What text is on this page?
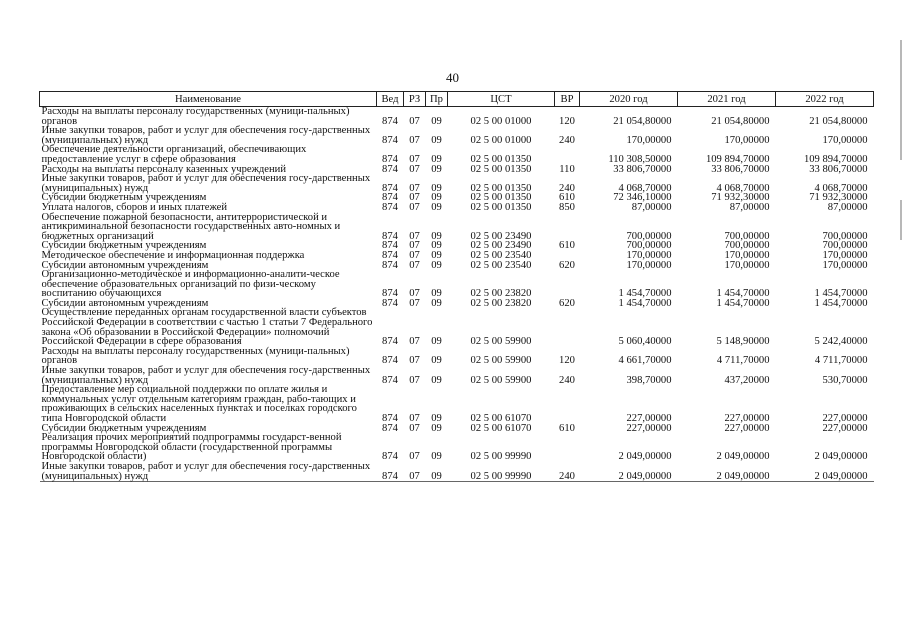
40
Наименование	Вед	РЗ	Пр	ЦСТ	ВР	2020 год	2021 год	2022 год
Расходы на выплаты персоналу государственных (муници-пальных) органов	874	07	09	02 5 00 01000	120	21 054,80000	21 054,80000	21 054,80000
Иные закупки товаров, работ и услуг для обеспечения госу-дарственных (муниципальных) нужд	874	07	09	02 5 00 01000	240	170,00000	170,00000	170,00000
Обеспечение деятельности организаций, обеспечивающих предоставление услуг в сфере образования	874	07	09	02 5 00 01350		110 308,50000	109 894,70000	109 894,70000
Расходы на выплаты персоналу казенных учреждений	874	07	09	02 5 00 01350	110	33 806,70000	33 806,70000	33 806,70000
Иные закупки товаров, работ и услуг для обеспечения госу-дарственных (муниципальных) нужд	874	07	09	02 5 00 01350	240	4 068,70000	4 068,70000	4 068,70000
Субсидии бюджетным учреждениям	874	07	09	02 5 00 01350	610	72 346,10000	71 932,30000	71 932,30000
Уплата налогов, сборов и иных платежей	874	07	09	02 5 00 01350	850	87,00000	87,00000	87,00000
Обеспечение пожарной безопасности, антитеррористической и антикриминальной безопасности государственных авто-номных и бюджетных организаций	874	07	09	02 5 00 23490		700,00000	700,00000	700,00000
Субсидии бюджетным учреждениям	874	07	09	02 5 00 23490	610	700,00000	700,00000	700,00000
Методическое обеспечение и информационная поддержка	874	07	09	02 5 00 23540		170,00000	170,00000	170,00000
Субсидии автономным учреждениям	874	07	09	02 5 00 23540	620	170,00000	170,00000	170,00000
Организационно-методическое и информационно-аналити-ческое обеспечение образовательных организаций по физи-ческому воспитанию обучающихся	874	07	09	02 5 00 23820		1 454,70000	1 454,70000	1 454,70000
Субсидии автономным учреждениям	874	07	09	02 5 00 23820	620	1 454,70000	1 454,70000	1 454,70000
Осуществление переданных органам государственной власти субъектов Российской Федерации в соответствии с частью 1 статьи 7 Федерального закона «Об образовании в Российской Федерации» полномочий Российской Федерации в сфере образования	874	07	09	02 5 00 59900		5 060,40000	5 148,90000	5 242,40000
Расходы на выплаты персоналу государственных (муници-пальных) органов	874	07	09	02 5 00 59900	120	4 661,70000	4 711,70000	4 711,70000
Иные закупки товаров, работ и услуг для обеспечения госу-дарственных (муниципальных) нужд	874	07	09	02 5 00 59900	240	398,70000	437,20000	530,70000
Предоставление мер социальной поддержки по оплате жилья и коммунальных услуг отдельным категориям граждан, рабо-тающих и проживающих в сельских населенных пунктах и поселках городского типа Новгородской области	874	07	09	02 5 00 61070		227,00000	227,00000	227,00000
Субсидии бюджетным учреждениям	874	07	09	02 5 00 61070	610	227,00000	227,00000	227,00000
Реализация прочих мероприятий подпрограммы государст-венной программы Новгородской области (государственной программы Новгородской области)	874	07	09	02 5 00 99990		2 049,00000	2 049,00000	2 049,00000
Иные закупки товаров, работ и услуг для обеспечения госу-дарственных (муниципальных) нужд	874	07	09	02 5 00 99990	240	2 049,00000	2 049,00000	2 049,00000
